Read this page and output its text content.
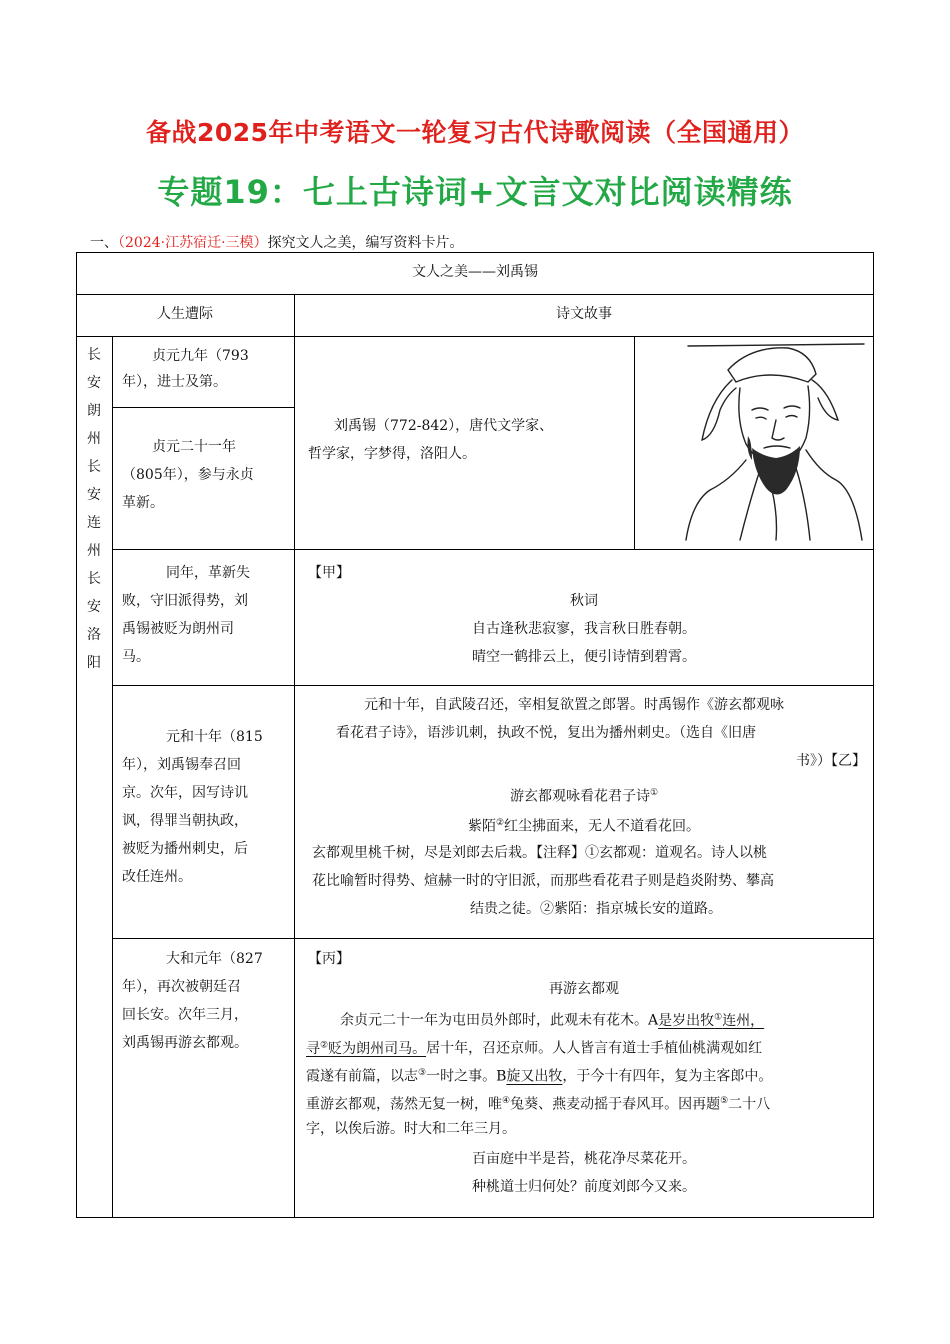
备战2025年中考语文一轮复习古代诗歌阅读（全国通用）
专题19：七上古诗词+文言文对比阅读精练
一、（2024·江苏宿迁·三模）探究文人之美，编写资料卡片。
文人之美——刘禹锡
人生遭际	诗文故事
长
安
朗
州
长
安
连
州
长
安
洛
阳
贞元九年（793
年），进士及第。
贞元二十一年
（805年），参与永贞
革新。
刘禹锡（772-842），唐代文学家、
哲学家，字梦得，洛阳人。
同年，革新失
败，守旧派得势，刘
禹锡被贬为朗州司
马。
【甲】
秋词
自古逢秋悲寂寥，我言秋日胜春朝。
晴空一鹤排云上，便引诗情到碧霄。
元和十年（815
年），刘禹锡奉召回
京。次年，因写诗讥
讽，得罪当朝执政，
被贬为播州刺史，后
改任连州。
元和十年，自武陵召还，宰相复欲置之郎署。时禹锡作《游玄都观咏
看花君子诗》，语涉讥刺，执政不悦，复出为播州刺史。（选自《旧唐
书》）【乙】
游玄都观咏看花君子诗①
紫陌②红尘拂面来，无人不道看花回。
玄都观里桃千树，尽是刘郎去后栽。【注释】①玄都观：道观名。诗人以桃
花比喻暂时得势、煊赫一时的守旧派，而那些看花君子则是趋炎附势、攀高
结贵之徒。②紫陌：指京城长安的道路。
大和元年（827
年），再次被朝廷召
回长安。次年三月，
刘禹锡再游玄都观。
【丙】
再游玄都观
余贞元二十一年为屯田员外郎时，此观未有花木。A是岁出牧①连州，
寻②贬为朗州司马。居十年，召还京师。人人皆言有道士手植仙桃满观如红
霞遂有前篇，以志③一时之事。B旋又出牧，于今十有四年，复为主客郎中。
重游玄都观，荡然无复一树，唯④兔葵、燕麦动摇于春风耳。因再题⑤二十八
字，以俟后游。时大和二年三月。
百亩庭中半是苔，桃花净尽菜花开。
种桃道士归何处？前度刘郎今又来。
